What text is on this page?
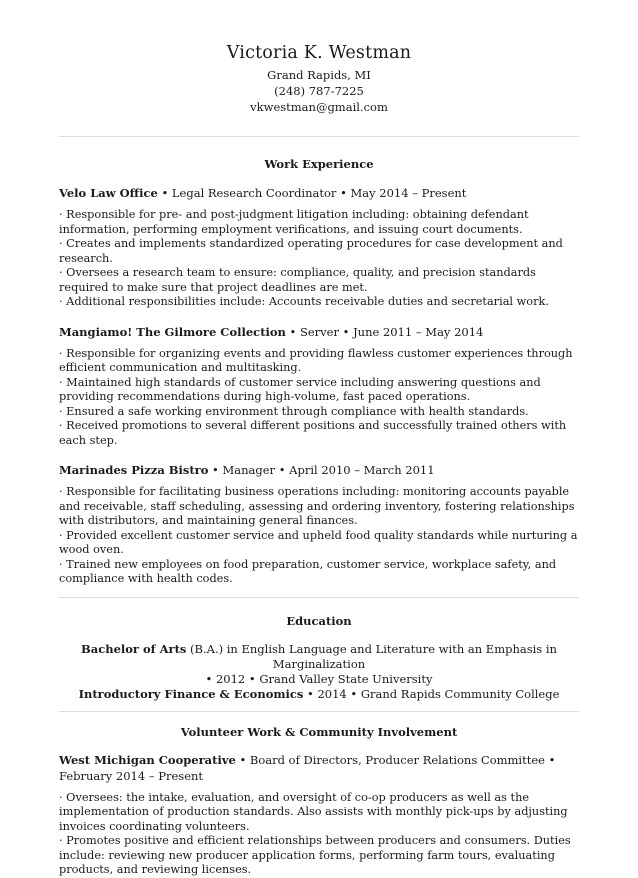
Victoria K. Westman
Grand Rapids, MI
(248) 787-7225
vkwestman@gmail.com
Work Experience
Velo Law Office • Legal Research Coordinator • May 2014 – Present

· Responsible for pre- and post-judgment litigation including: obtaining defendant information, performing employment verifications, and issuing court documents.

· Creates and implements standardized operating procedures for case development and research.

· Oversees a research team to ensure: compliance, quality, and precision standards required to make sure that project deadlines are met.

· Additional responsibilities include: Accounts receivable duties and secretarial work.

Mangiamo! The Gilmore Collection • Server • June 2011 – May 2014

· Responsible for organizing events and providing flawless customer experiences through efficient communication and multitasking.

· Maintained high standards of customer service including answering questions and providing recommendations during high-volume, fast paced operations.

· Ensured a safe working environment through compliance with health standards.

· Received promotions to several different positions and successfully trained others with each step.

Marinades Pizza Bistro • Manager • April 2010 – March 2011

· Responsible for facilitating business operations including: monitoring accounts payable and receivable, staff scheduling, assessing and ordering inventory, fostering relationships with distributors, and maintaining general finances.

· Provided excellent customer service and upheld food quality standards while nurturing a wood oven.

· Trained new employees on food preparation, customer service, workplace safety, and compliance with health codes.

Education
Bachelor of Arts (B.A.) in English Language and Literature with an Emphasis in Marginalization
• 2012 • Grand Valley State University
Introductory Finance & Economics • 2014 • Grand Rapids Community College
Volunteer Work & Community Involvement
West Michigan Cooperative • Board of Directors, Producer Relations Committee • February 2014 – Present

· Oversees: the intake, evaluation, and oversight of co-op producers as well as the implementation of production standards. Also assists with monthly pick-ups by adjusting invoices coordinating volunteers.

· Promotes positive and efficient relationships between producers and consumers. Duties include: reviewing new producer application forms, performing farm tours, evaluating products, and reviewing licenses.
